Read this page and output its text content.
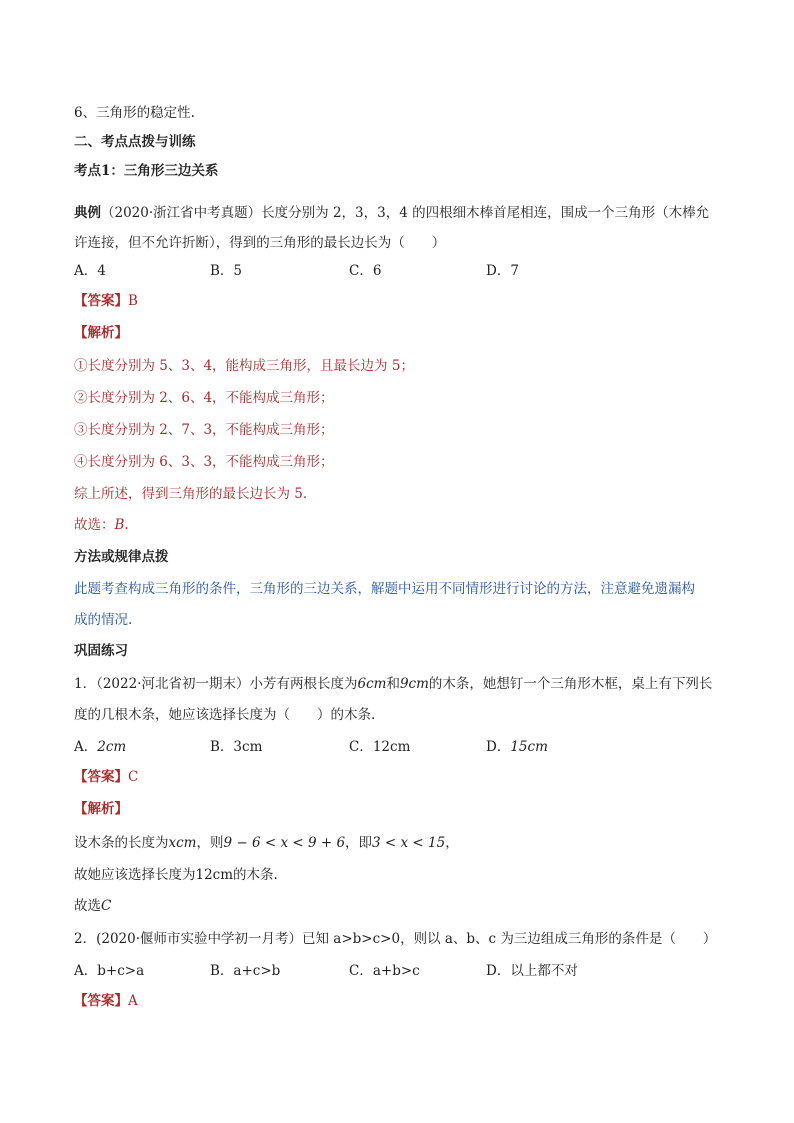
6、三角形的稳定性.
二、考点点拨与训练
考点1：三角形三边关系
典例（2020·浙江省中考真题）长度分别为 2，3，3，4 的四根细木棒首尾相连，围成一个三角形（木棒允
许连接，但不允许折断），得到的三角形的最长边长为（　　）
A．4	B．5	C．6	D．7
【答案】B
【解析】
①长度分别为 5、3、4，能构成三角形，且最长边为 5；
②长度分别为 2、6、4，不能构成三角形；
③长度分别为 2、7、3，不能构成三角形；
④长度分别为 6、3、3，不能构成三角形；
综上所述，得到三角形的最长边长为 5．
故选：B.
方法或规律点拨
此题考查构成三角形的条件，三角形的三边关系，解题中运用不同情形进行讨论的方法，注意避免遗漏构
成的情况.
巩固练习
1．（2022·河北省初一期末）小芳有两根长度为6cm和9cm的木条，她想钉一个三角形木框，桌上有下列长
度的几根木条，她应该选择长度为（　　）的木条.
A．2cm	B．3cm	C．12cm	D．15cm
【答案】C
【解析】
设木条的长度为xcm，则9 − 6 < x < 9 + 6，即3 < x < 15，
故她应该选择长度为12cm的木条.
故选C
2．(2020·偃师市实验中学初一月考）已知 a>b>c>0，则以 a、b、c 为三边组成三角形的条件是（　　）
A．b+c>a	B．a+c>b	C．a+b>c	D．以上都不对
【答案】A
